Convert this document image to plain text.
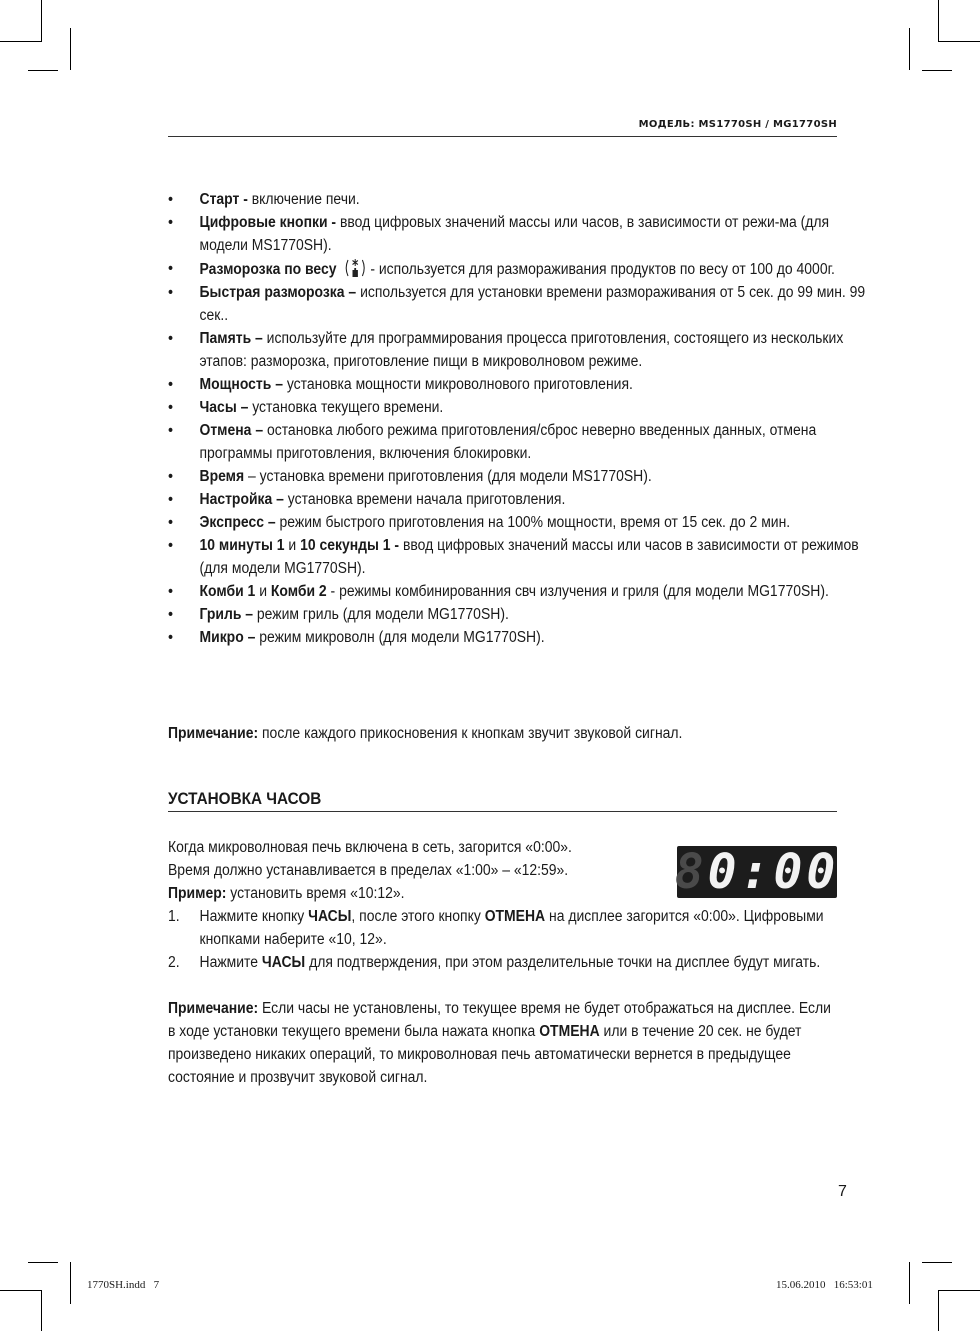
МОДЕЛЬ: MS1770SH / MG1770SH
• Старт - включение печи.
• Цифровые кнопки - ввод цифровых значений массы или часов, в зависимости от режи-ма (для модели MS1770SH).
• Разморозка по весу  - используется для размораживания продуктов по весу от 100 до 4000г.
• Быстрая разморозка – используется для установки времени размораживания от 5 сек. до 99 мин. 99 сек..
• Память – используйте для программирования процесса приготовления, состоящего из нескольких этапов: разморозка, приготовление пищи в микроволновом режиме.
• Мощность – установка мощности микроволнового приготовления.
• Часы – установка текущего времени.
• Отмена – остановка любого режима приготовления/сброс неверно введенных данных, отмена программы приготовления, включения блокировки.
• Время – установка времени приготовления (для модели MS1770SH).
• Настройка – установка времени начала приготовления.
• Экспресс – режим быстрого приготовления на 100% мощности, время от 15 сек. до 2 мин.
• 10 минуты 1 и 10 секунды 1 - ввод цифровых значений массы или часов в зависимости от режимов (для модели MG1770SH).
• Комби 1 и Комби 2 - режимы комбинированния свч излучения и гриля (для модели MG1770SH).
• Гриль – режим гриль (для модели MG1770SH).
• Микро – режим микроволн (для модели MG1770SH).

Примечание: после каждого прикосновения к кнопкам звучит звуковой сигнал.

УСТАНОВКА ЧАСОВ

Когда микроволновая печь включена в сеть, загорится «0:00».

Время должно устанавливается в пределах «1:00» – «12:59».

Пример: установить время «10:12».	80:00
1. Нажмите кнопку ЧАСЫ, после этого кнопку ОТМЕНА на дисплее загорится «0:00». Цифровыми кнопками наберите «10, 12».
2. Нажмите ЧАСЫ для подтверждения, при этом разделительные точки на дисплее будут мигать.

Примечание: Если часы не установлены, то текущее время не будет отображаться на дисплее. Если в ходе установки текущего времени была нажата кнопка ОТМЕНА или в течение 20 сек. не будет произведено никаких операций, то микроволновая печь автоматически вернется в предыдущее состояние и прозвучит звуковой сигнал.

7
1770SH.indd   7	15.06.2010   16:53:01
